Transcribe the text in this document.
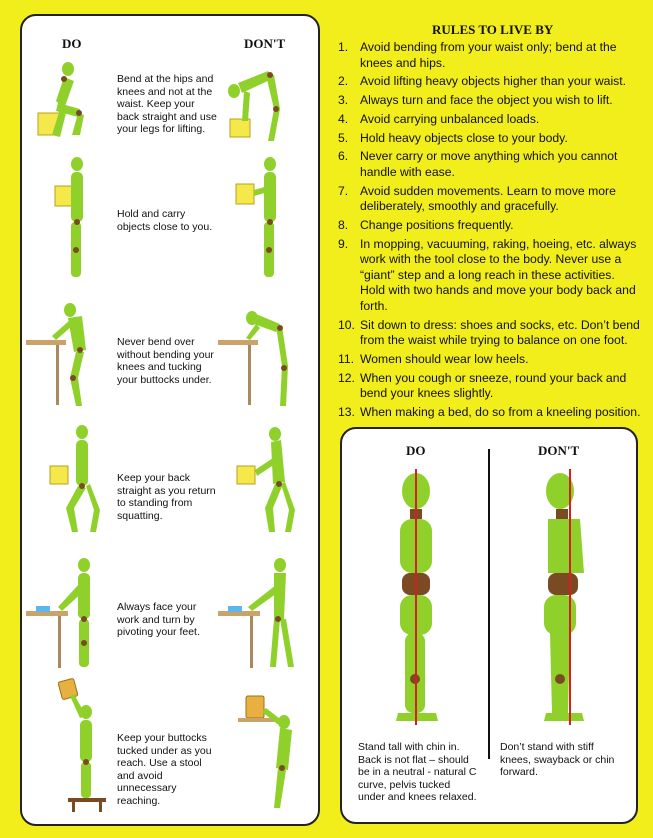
DO	DON'T
Bend at the hips and knees and not at the waist. Keep your back straight and use your legs for lifting.
Hold and carry objects close to you.
Never bend over without bending your knees and tucking your buttocks under.
Keep your back straight as you return to standing from squatting.
Always face your work and turn by pivoting your feet.
Keep your buttocks tucked under as you reach. Use a stool and avoid unnecessary reaching.
RULES TO LIVE BY
1. Avoid bending from your waist only; bend at the knees and hips.
2. Avoid lifting heavy objects higher than your waist.
3. Always turn and face the object you wish to lift.
4. Avoid carrying unbalanced loads.
5. Hold heavy objects close to your body.
6. Never carry or move anything which you cannot handle with ease.
7. Avoid sudden movements. Learn to move more deliberately, smoothly and gracefully.
8. Change positions frequently.
9. In mopping, vacuuming, raking, hoeing, etc. always work with the tool close to the body. Never use a “giant” step and a long reach in these activities. Hold with two hands and move your body back and forth.
10. Sit down to dress: shoes and socks, etc. Don’t bend from the waist while trying to balance on one foot.
11. Women should wear low heels.
12. When you cough or sneeze, round your back and bend your knees slightly.
13. When making a bed, do so from a kneeling position.
DO	DON'T
Stand tall with chin in. Back is not flat – should be in a neutral - natural C curve, pelvis tucked under and knees relaxed.
Don’t stand with stiff knees, swayback or chin forward.
